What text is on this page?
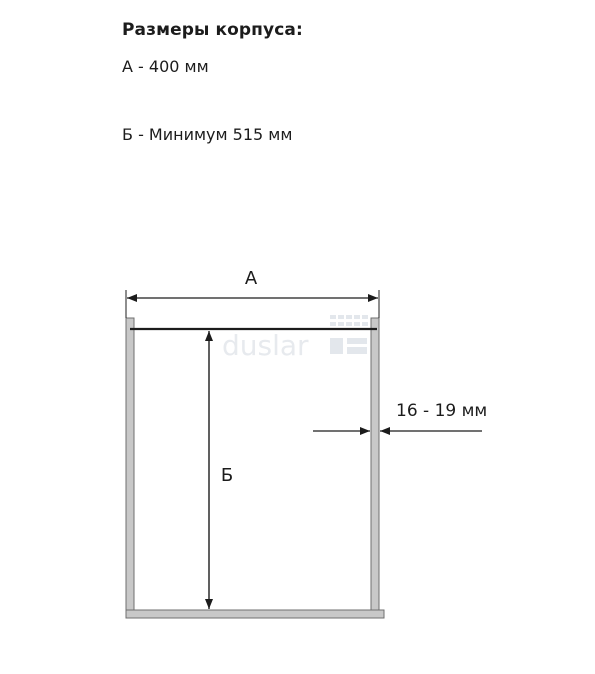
Размеры корпуса:
А - 400 мм
Б - Минимум 515 мм
duslar
А
Б
16 - 19 мм
